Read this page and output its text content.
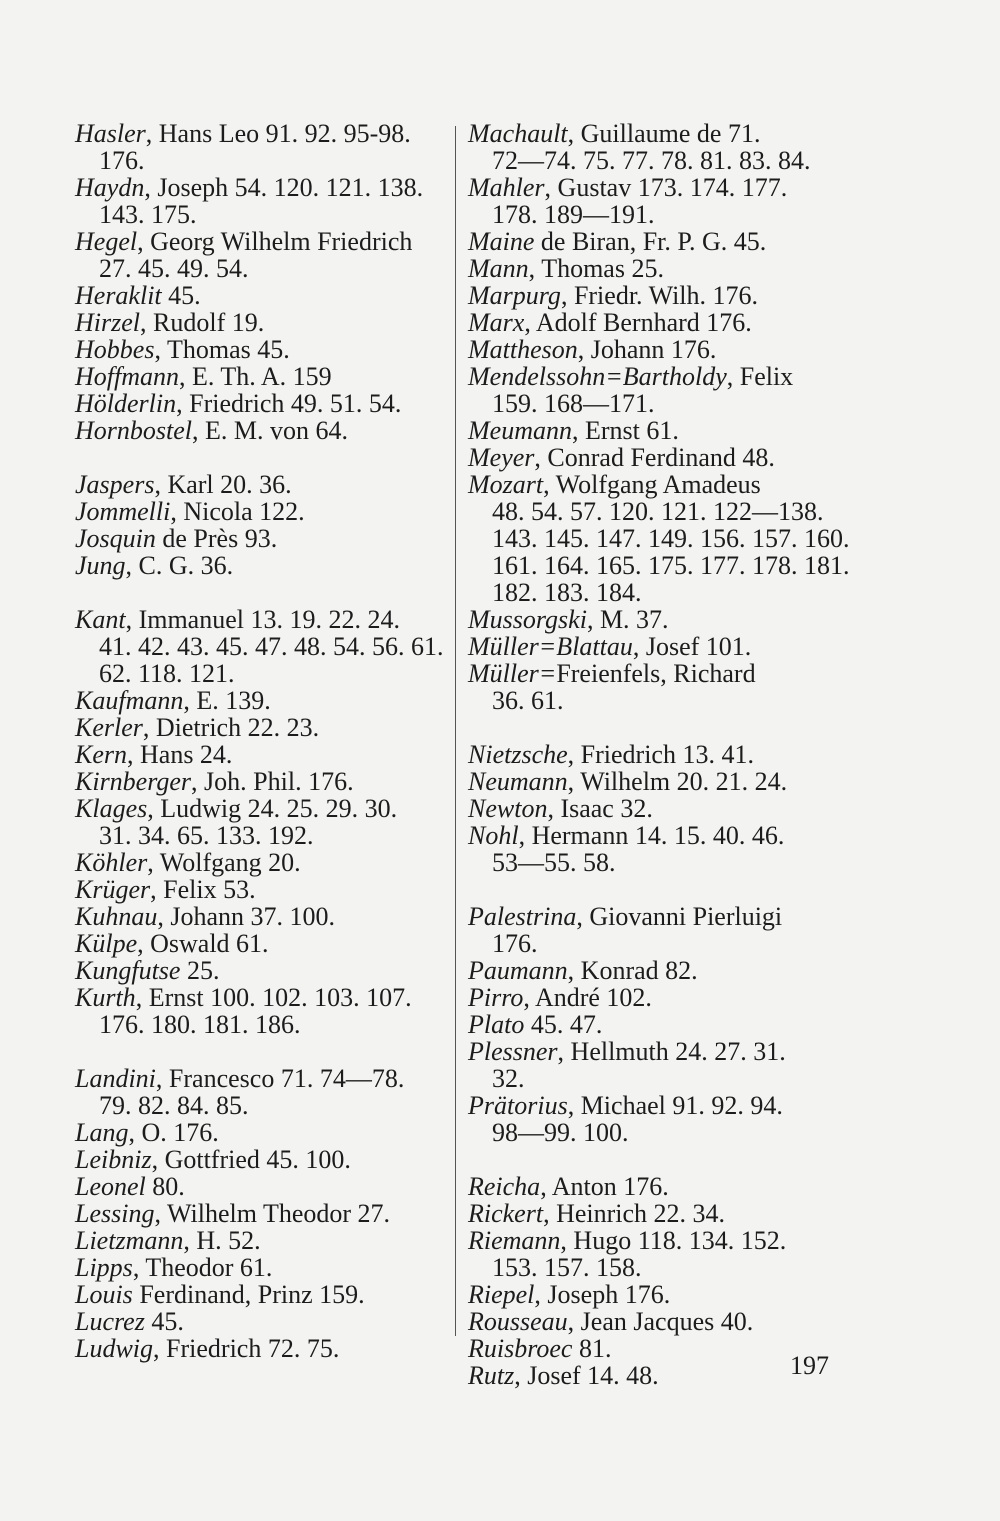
Hasler, Hans Leo 91. 92. 95-98.
176.
Haydn, Joseph 54. 120. 121. 138.
143. 175.
Hegel, Georg Wilhelm Friedrich
27. 45. 49. 54.
Heraklit 45.
Hirzel, Rudolf 19.
Hobbes, Thomas 45.
Hoffmann, E. Th. A. 159
Hölderlin, Friedrich 49. 51. 54.
Hornbostel, E. M. von 64.
Jaspers, Karl 20. 36.
Jommelli, Nicola 122.
Josquin de Près 93.
Jung, C. G. 36.
Kant, Immanuel 13. 19. 22. 24.
41. 42. 43. 45. 47. 48. 54. 56. 61.
62. 118. 121.
Kaufmann, E. 139.
Kerler, Dietrich 22. 23.
Kern, Hans 24.
Kirnberger, Joh. Phil. 176.
Klages, Ludwig 24. 25. 29. 30.
31. 34. 65. 133. 192.
Köhler, Wolfgang 20.
Krüger, Felix 53.
Kuhnau, Johann 37. 100.
Külpe, Oswald 61.
Kungfutse 25.
Kurth, Ernst 100. 102. 103. 107.
176. 180. 181. 186.
Landini, Francesco 71. 74—78.
79. 82. 84. 85.
Lang, O. 176.
Leibniz, Gottfried 45. 100.
Leonel 80.
Lessing, Wilhelm Theodor 27.
Lietzmann, H. 52.
Lipps, Theodor 61.
Louis Ferdinand, Prinz 159.
Lucrez 45.
Ludwig, Friedrich 72. 75.
Machault, Guillaume de 71.
72—74. 75. 77. 78. 81. 83. 84.
Mahler, Gustav 173. 174. 177.
178. 189—191.
Maine de Biran, Fr. P. G. 45.
Mann, Thomas 25.
Marpurg, Friedr. Wilh. 176.
Marx, Adolf Bernhard 176.
Mattheson, Johann 176.
Mendelssohn=Bartholdy, Felix
159. 168—171.
Meumann, Ernst 61.
Meyer, Conrad Ferdinand 48.
Mozart, Wolfgang Amadeus
48. 54. 57. 120. 121. 122—138.
143. 145. 147. 149. 156. 157. 160.
161. 164. 165. 175. 177. 178. 181.
182. 183. 184.
Mussorgski, M. 37.
Müller=Blattau, Josef 101.
Müller=Freienfels, Richard
36. 61.
Nietzsche, Friedrich 13. 41.
Neumann, Wilhelm 20. 21. 24.
Newton, Isaac 32.
Nohl, Hermann 14. 15. 40. 46.
53—55. 58.
Palestrina, Giovanni Pierluigi
176.
Paumann, Konrad 82.
Pirro, André 102.
Plato 45. 47.
Plessner, Hellmuth 24. 27. 31.
32.
Prätorius, Michael 91. 92. 94.
98—99. 100.
Reicha, Anton 176.
Rickert, Heinrich 22. 34.
Riemann, Hugo 118. 134. 152.
153. 157. 158.
Riepel, Joseph 176.
Rousseau, Jean Jacques 40.
Ruisbroec 81.
Rutz, Josef 14. 48.	197
